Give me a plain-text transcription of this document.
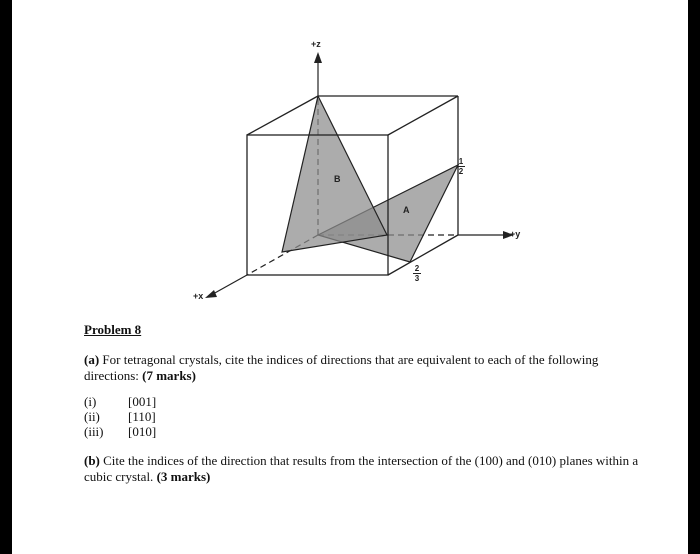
+z
+y
+x
A
B
1
2
2
3

Problem 8

(a) For tetragonal crystals, cite the indices of directions that are equivalent to each of the following directions: (7 marks)

(i)	[001]
(ii)	[110]
(iii)	[010]

(b) Cite the indices of the direction that results from the intersection of the (100) and (010) planes within a cubic crystal. (3 marks)
